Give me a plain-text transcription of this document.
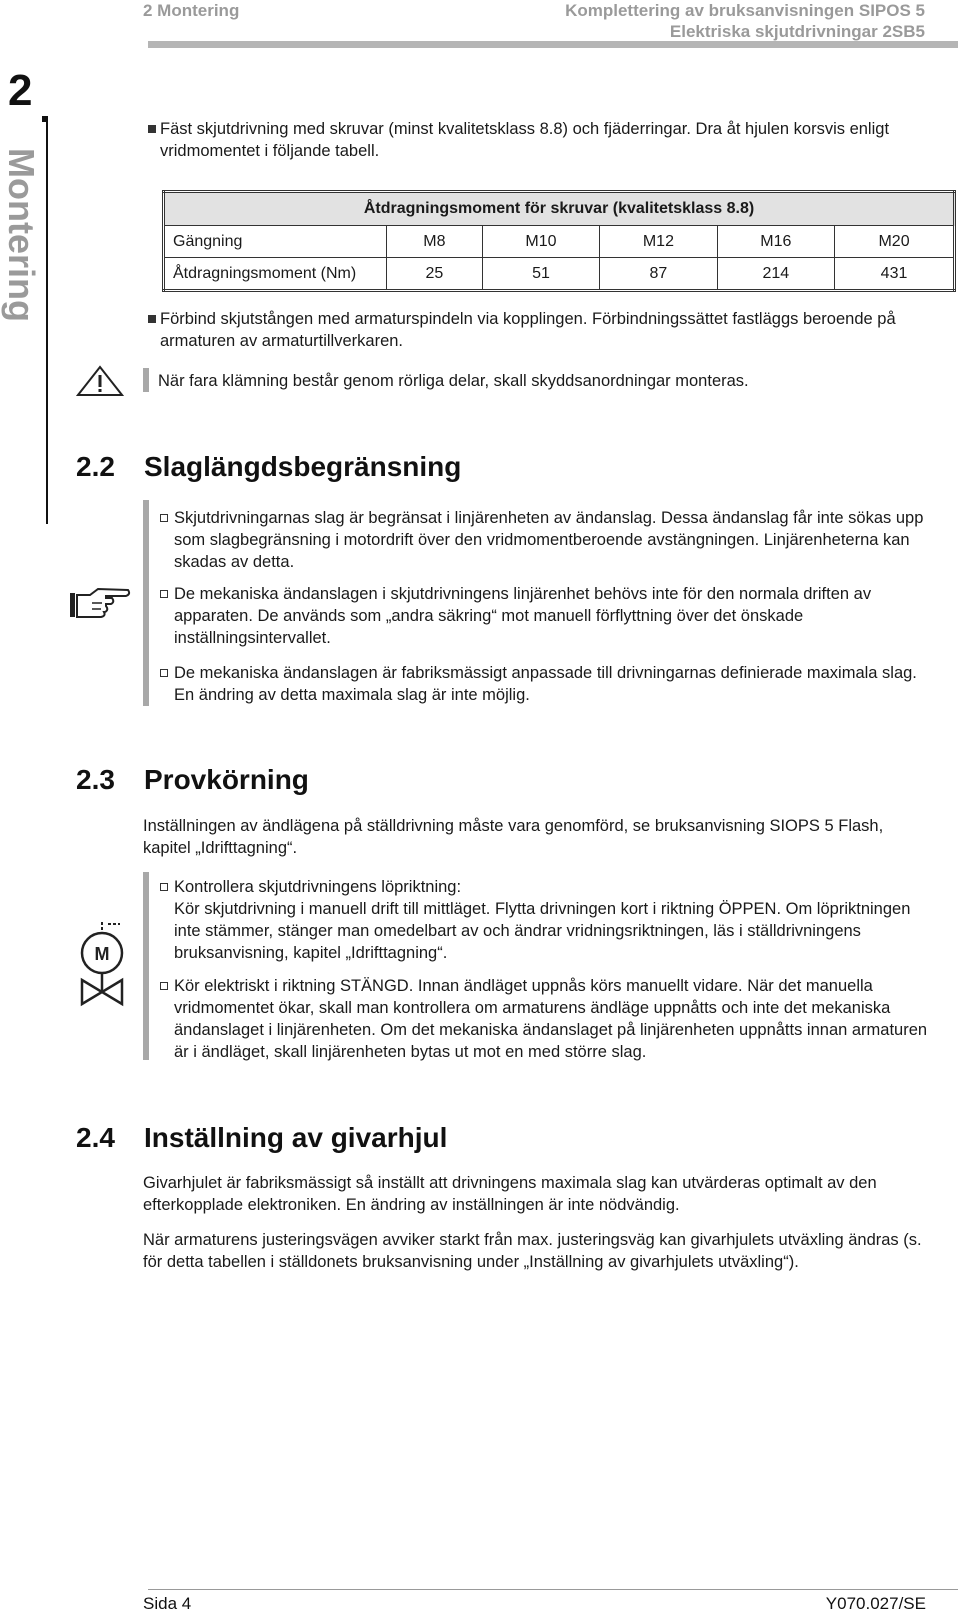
2 Montering	Komplettering av bruksanvisningen SIPOS 5
Elektriska skjutdrivningar 2SB5
2
Montering
Fäst skjutdrivning med skruvar (minst kvalitetsklass 8.8) och fjäderringar. Dra åt hjulen korsvis enligt vridmomentet i följande tabell.
Åtdragningsmoment för skruvar (kvalitetsklass 8.8)					
Gängning	M8	M10	M12	M16	M20
Åtdragningsmoment (Nm)	25	51	87	214	431
Förbind skjutstången med armaturspindeln via kopplingen. Förbindningssättet fastläggs beroende på armaturen av armaturtillverkaren.

När fara klämning består genom rörliga delar, skall skyddsanordningar monteras.

2.2 Slaglängdsbegränsning
Skjutdrivningarnas slag är begränsat i linjärenheten av ändanslag. Dessa ändanslag får inte sökas upp som slagbegränsning i motordrift över den vridmomentberoende avstängningen. Linjärenheterna kan skadas av detta.
De mekaniska ändanslagen i skjutdrivningens linjärenhet behövs inte för den normala driften av apparaten. De används som „andra säkring“ mot manuell förflyttning över det önskade inställningsintervallet.
De mekaniska ändanslagen är fabriksmässigt anpassade till drivningarnas definierade maximala slag. En ändring av detta maximala slag är inte möjlig.
2.3 Provkörning

Inställningen av ändlägena på ställdrivning måste vara genomförd, se bruksanvisning SIOPS 5 Flash, kapitel „Idrifttagning“.

M
Kontrollera skjutdrivningens löpriktning:
Kör skjutdrivning i manuell drift till mittläget. Flytta drivningen kort i riktning ÖPPEN. Om löpriktningen inte stämmer, stänger man omedelbart av och ändrar vridningsriktningen, läs i ställdrivningens bruksanvisning, kapitel „Idrifttagning“.
Kör elektriskt i riktning STÄNGD. Innan ändläget uppnås körs manuellt vidare. När det manuella vridmomentet ökar, skall man kontrollera om armaturens ändläge uppnåtts och inte det mekaniska ändanslaget i linjärenheten. Om det mekaniska ändanslaget på linjärenheten uppnåtts innan armaturen är i ändläget, skall linjärenheten bytas ut mot en med större slag.
2.4 Inställning av givarhjul

Givarhjulet är fabriksmässigt så inställt att drivningens maximala slag kan utvärderas optimalt av den efterkopplade elektroniken. En ändring av inställningen är inte nödvändig.

När armaturens justeringsvägen avviker starkt från max. justeringsväg kan givarhjulets utväxling ändras (s. för detta tabellen i ställdonets bruksanvisning under „Inställning av givarhjulets utväxling“).

Sida 4	Y070.027/SE
